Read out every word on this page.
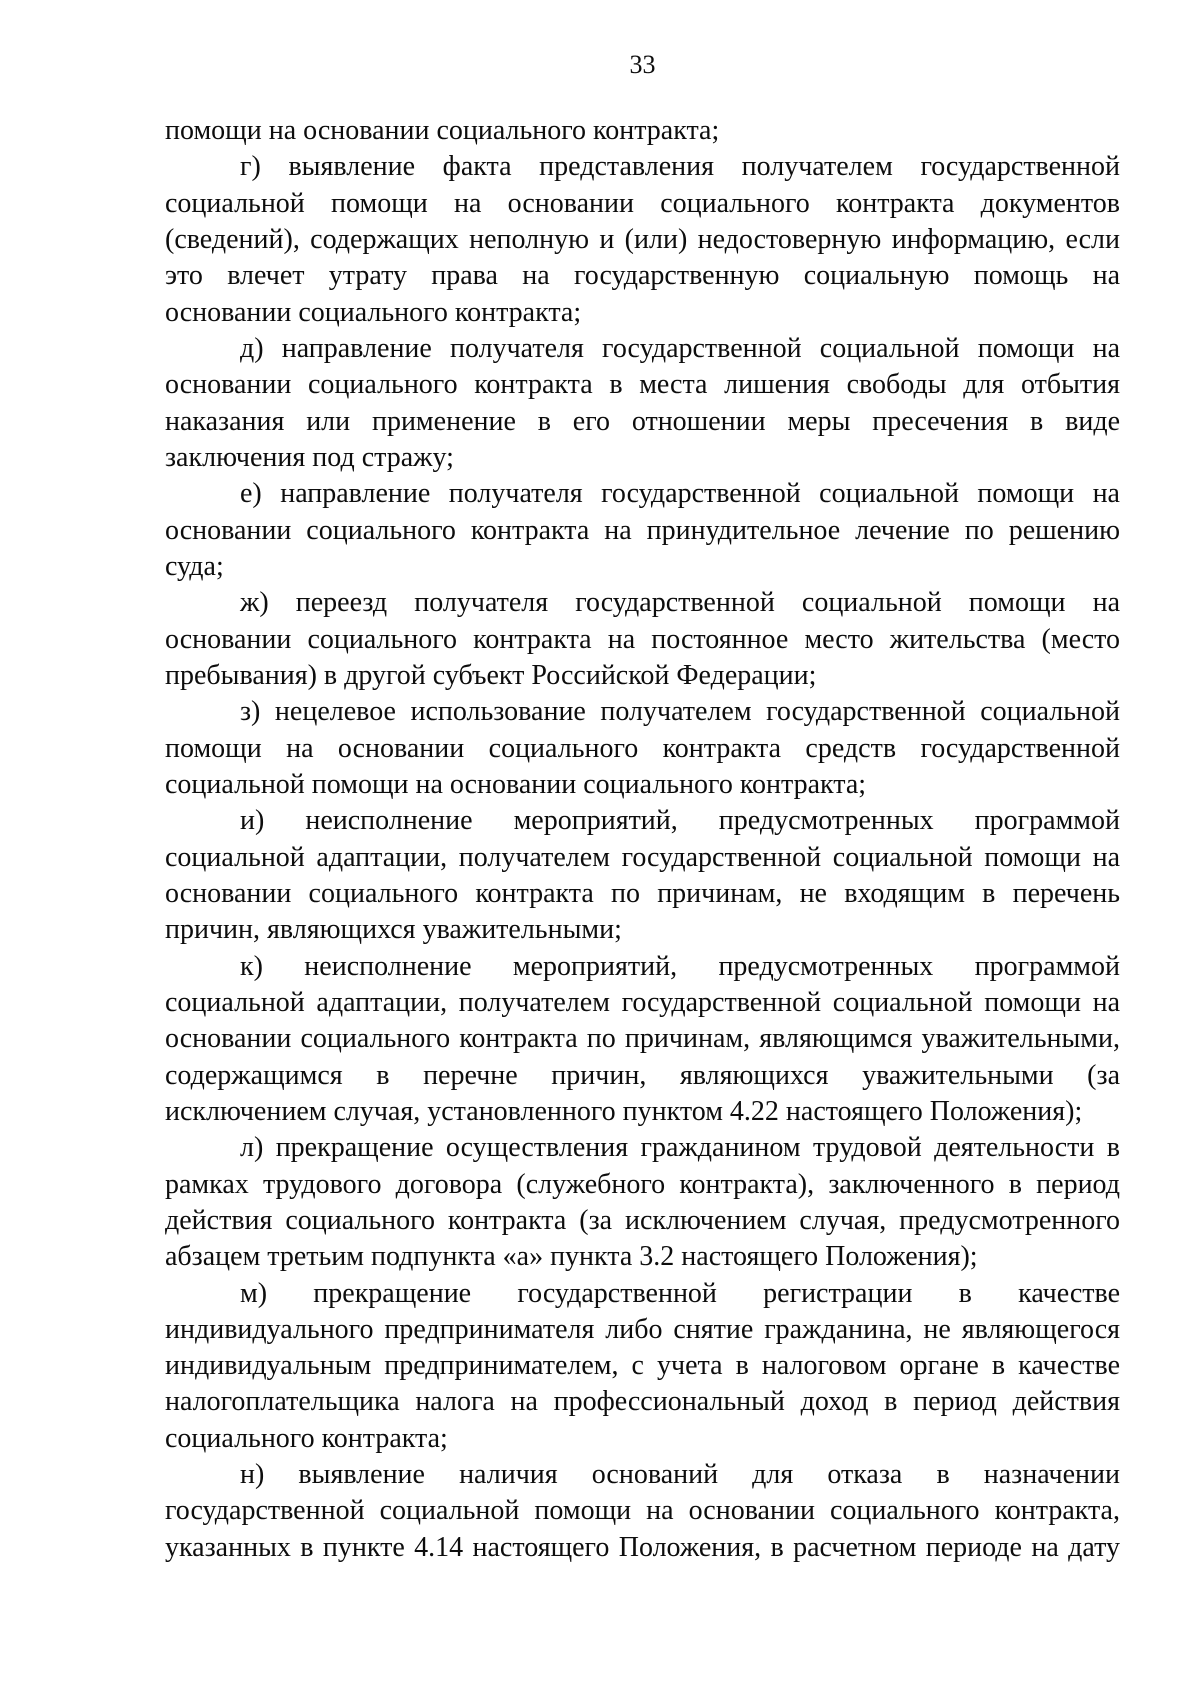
33
помощи на основании социального контракта;
г) выявление факта представления получателем государственной
социальной помощи на основании социального контракта документов
(сведений), содержащих неполную и (или) недостоверную информацию, если
это влечет утрату права на государственную социальную помощь на
основании социального контракта;
д) направление получателя государственной социальной помощи на
основании социального контракта в места лишения свободы для отбытия
наказания или применение в его отношении меры пресечения в виде
заключения под стражу;
е) направление получателя государственной социальной помощи на
основании социального контракта на принудительное лечение по решению
суда;
ж) переезд получателя государственной социальной помощи на
основании социального контракта на постоянное место жительства (место
пребывания) в другой субъект Российской Федерации;
з) нецелевое использование получателем государственной социальной
помощи на основании социального контракта средств государственной
социальной помощи на основании социального контракта;
и) неисполнение мероприятий, предусмотренных программой
социальной адаптации, получателем государственной социальной помощи на
основании социального контракта по причинам, не входящим в перечень
причин, являющихся уважительными;
к) неисполнение мероприятий, предусмотренных программой
социальной адаптации, получателем государственной социальной помощи на
основании социального контракта по причинам, являющимся уважительными,
содержащимся в перечне причин, являющихся уважительными (за
исключением случая, установленного пунктом 4.22 настоящего Положения);
л) прекращение осуществления гражданином трудовой деятельности в
рамках трудового договора (служебного контракта), заключенного в период
действия социального контракта (за исключением случая, предусмотренного
абзацем третьим подпункта «а» пункта 3.2 настоящего Положения);
м) прекращение государственной регистрации в качестве
индивидуального предпринимателя либо снятие гражданина, не являющегося
индивидуальным предпринимателем, с учета в налоговом органе в качестве
налогоплательщика налога на профессиональный доход в период действия
социального контракта;
н) выявление наличия оснований для отказа в назначении
государственной социальной помощи на основании социального контракта,
указанных в пункте 4.14 настоящего Положения, в расчетном периоде на дату
